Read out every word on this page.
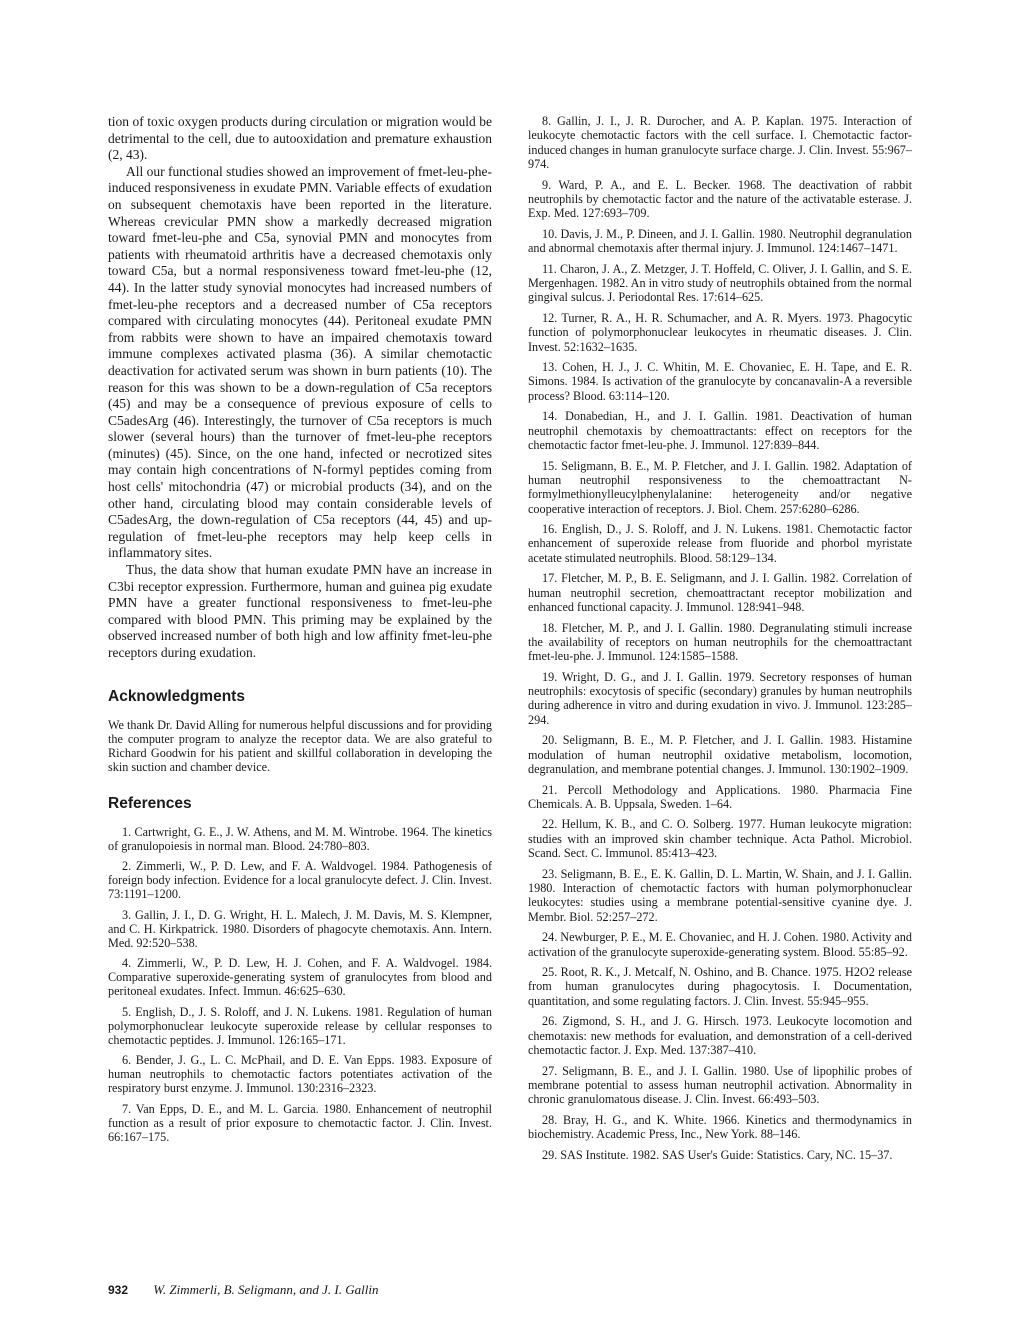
tion of toxic oxygen products during circulation or migration would be detrimental to the cell, due to autooxidation and premature exhaustion (2, 43).

All our functional studies showed an improvement of fmet-leu-phe-induced responsiveness in exudate PMN. Variable effects of exudation on subsequent chemotaxis have been reported in the literature. Whereas crevicular PMN show a markedly decreased migration toward fmet-leu-phe and C5a, synovial PMN and monocytes from patients with rheumatoid arthritis have a decreased chemotaxis only toward C5a, but a normal responsiveness toward fmet-leu-phe (12, 44). In the latter study synovial monocytes had increased numbers of fmet-leu-phe receptors and a decreased number of C5a receptors compared with circulating monocytes (44). Peritoneal exudate PMN from rabbits were shown to have an impaired chemotaxis toward immune complexes activated plasma (36). A similar chemotactic deactivation for activated serum was shown in burn patients (10). The reason for this was shown to be a down-regulation of C5a receptors (45) and may be a consequence of previous exposure of cells to C5adesArg (46). Interestingly, the turnover of C5a receptors is much slower (several hours) than the turnover of fmet-leu-phe receptors (minutes) (45). Since, on the one hand, infected or necrotized sites may contain high concentrations of N-formyl peptides coming from host cells' mitochondria (47) or microbial products (34), and on the other hand, circulating blood may contain considerable levels of C5adesArg, the down-regulation of C5a receptors (44, 45) and up-regulation of fmet-leu-phe receptors may help keep cells in inflammatory sites.

Thus, the data show that human exudate PMN have an increase in C3bi receptor expression. Furthermore, human and guinea pig exudate PMN have a greater functional responsiveness to fmet-leu-phe compared with blood PMN. This priming may be explained by the observed increased number of both high and low affinity fmet-leu-phe receptors during exudation.

Acknowledgments

We thank Dr. David Alling for numerous helpful discussions and for providing the computer program to analyze the receptor data. We are also grateful to Richard Goodwin for his patient and skillful collaboration in developing the skin suction and chamber device.

References
1. Cartwright, G. E., J. W. Athens, and M. M. Wintrobe. 1964. The kinetics of granulopoiesis in normal man. Blood. 24:780–803.
2. Zimmerli, W., P. D. Lew, and F. A. Waldvogel. 1984. Pathogenesis of foreign body infection. Evidence for a local granulocyte defect. J. Clin. Invest. 73:1191–1200.
3. Gallin, J. I., D. G. Wright, H. L. Malech, J. M. Davis, M. S. Klempner, and C. H. Kirkpatrick. 1980. Disorders of phagocyte chemotaxis. Ann. Intern. Med. 92:520–538.
4. Zimmerli, W., P. D. Lew, H. J. Cohen, and F. A. Waldvogel. 1984. Comparative superoxide-generating system of granulocytes from blood and peritoneal exudates. Infect. Immun. 46:625–630.
5. English, D., J. S. Roloff, and J. N. Lukens. 1981. Regulation of human polymorphonuclear leukocyte superoxide release by cellular responses to chemotactic peptides. J. Immunol. 126:165–171.
6. Bender, J. G., L. C. McPhail, and D. E. Van Epps. 1983. Exposure of human neutrophils to chemotactic factors potentiates activation of the respiratory burst enzyme. J. Immunol. 130:2316–2323.
7. Van Epps, D. E., and M. L. Garcia. 1980. Enhancement of neutrophil function as a result of prior exposure to chemotactic factor. J. Clin. Invest. 66:167–175.
8. Gallin, J. I., J. R. Durocher, and A. P. Kaplan. 1975. Interaction of leukocyte chemotactic factors with the cell surface. I. Chemotactic factor-induced changes in human granulocyte surface charge. J. Clin. Invest. 55:967–974.
9. Ward, P. A., and E. L. Becker. 1968. The deactivation of rabbit neutrophils by chemotactic factor and the nature of the activatable esterase. J. Exp. Med. 127:693–709.
10. Davis, J. M., P. Dineen, and J. I. Gallin. 1980. Neutrophil degranulation and abnormal chemotaxis after thermal injury. J. Immunol. 124:1467–1471.
11. Charon, J. A., Z. Metzger, J. T. Hoffeld, C. Oliver, J. I. Gallin, and S. E. Mergenhagen. 1982. An in vitro study of neutrophils obtained from the normal gingival sulcus. J. Periodontal Res. 17:614–625.
12. Turner, R. A., H. R. Schumacher, and A. R. Myers. 1973. Phagocytic function of polymorphonuclear leukocytes in rheumatic diseases. J. Clin. Invest. 52:1632–1635.
13. Cohen, H. J., J. C. Whitin, M. E. Chovaniec, E. H. Tape, and E. R. Simons. 1984. Is activation of the granulocyte by concanavalin-A a reversible process? Blood. 63:114–120.
14. Donabedian, H., and J. I. Gallin. 1981. Deactivation of human neutrophil chemotaxis by chemoattractants: effect on receptors for the chemotactic factor fmet-leu-phe. J. Immunol. 127:839–844.
15. Seligmann, B. E., M. P. Fletcher, and J. I. Gallin. 1982. Adaptation of human neutrophil responsiveness to the chemoattractant N-formylmethionylleucylphenylalanine: heterogeneity and/or negative cooperative interaction of receptors. J. Biol. Chem. 257:6280–6286.
16. English, D., J. S. Roloff, and J. N. Lukens. 1981. Chemotactic factor enhancement of superoxide release from fluoride and phorbol myristate acetate stimulated neutrophils. Blood. 58:129–134.
17. Fletcher, M. P., B. E. Seligmann, and J. I. Gallin. 1982. Correlation of human neutrophil secretion, chemoattractant receptor mobilization and enhanced functional capacity. J. Immunol. 128:941–948.
18. Fletcher, M. P., and J. I. Gallin. 1980. Degranulating stimuli increase the availability of receptors on human neutrophils for the chemoattractant fmet-leu-phe. J. Immunol. 124:1585–1588.
19. Wright, D. G., and J. I. Gallin. 1979. Secretory responses of human neutrophils: exocytosis of specific (secondary) granules by human neutrophils during adherence in vitro and during exudation in vivo. J. Immunol. 123:285–294.
20. Seligmann, B. E., M. P. Fletcher, and J. I. Gallin. 1983. Histamine modulation of human neutrophil oxidative metabolism, locomotion, degranulation, and membrane potential changes. J. Immunol. 130:1902–1909.
21. Percoll Methodology and Applications. 1980. Pharmacia Fine Chemicals. A. B. Uppsala, Sweden. 1–64.
22. Hellum, K. B., and C. O. Solberg. 1977. Human leukocyte migration: studies with an improved skin chamber technique. Acta Pathol. Microbiol. Scand. Sect. C. Immunol. 85:413–423.
23. Seligmann, B. E., E. K. Gallin, D. L. Martin, W. Shain, and J. I. Gallin. 1980. Interaction of chemotactic factors with human polymorphonuclear leukocytes: studies using a membrane potential-sensitive cyanine dye. J. Membr. Biol. 52:257–272.
24. Newburger, P. E., M. E. Chovaniec, and H. J. Cohen. 1980. Activity and activation of the granulocyte superoxide-generating system. Blood. 55:85–92.
25. Root, R. K., J. Metcalf, N. Oshino, and B. Chance. 1975. H2O2 release from human granulocytes during phagocytosis. I. Documentation, quantitation, and some regulating factors. J. Clin. Invest. 55:945–955.
26. Zigmond, S. H., and J. G. Hirsch. 1973. Leukocyte locomotion and chemotaxis: new methods for evaluation, and demonstration of a cell-derived chemotactic factor. J. Exp. Med. 137:387–410.
27. Seligmann, B. E., and J. I. Gallin. 1980. Use of lipophilic probes of membrane potential to assess human neutrophil activation. Abnormality in chronic granulomatous disease. J. Clin. Invest. 66:493–503.
28. Bray, H. G., and K. White. 1966. Kinetics and thermodynamics in biochemistry. Academic Press, Inc., New York. 88–146.
29. SAS Institute. 1982. SAS User's Guide: Statistics. Cary, NC. 15–37.
932 W. Zimmerli, B. Seligmann, and J. I. Gallin
